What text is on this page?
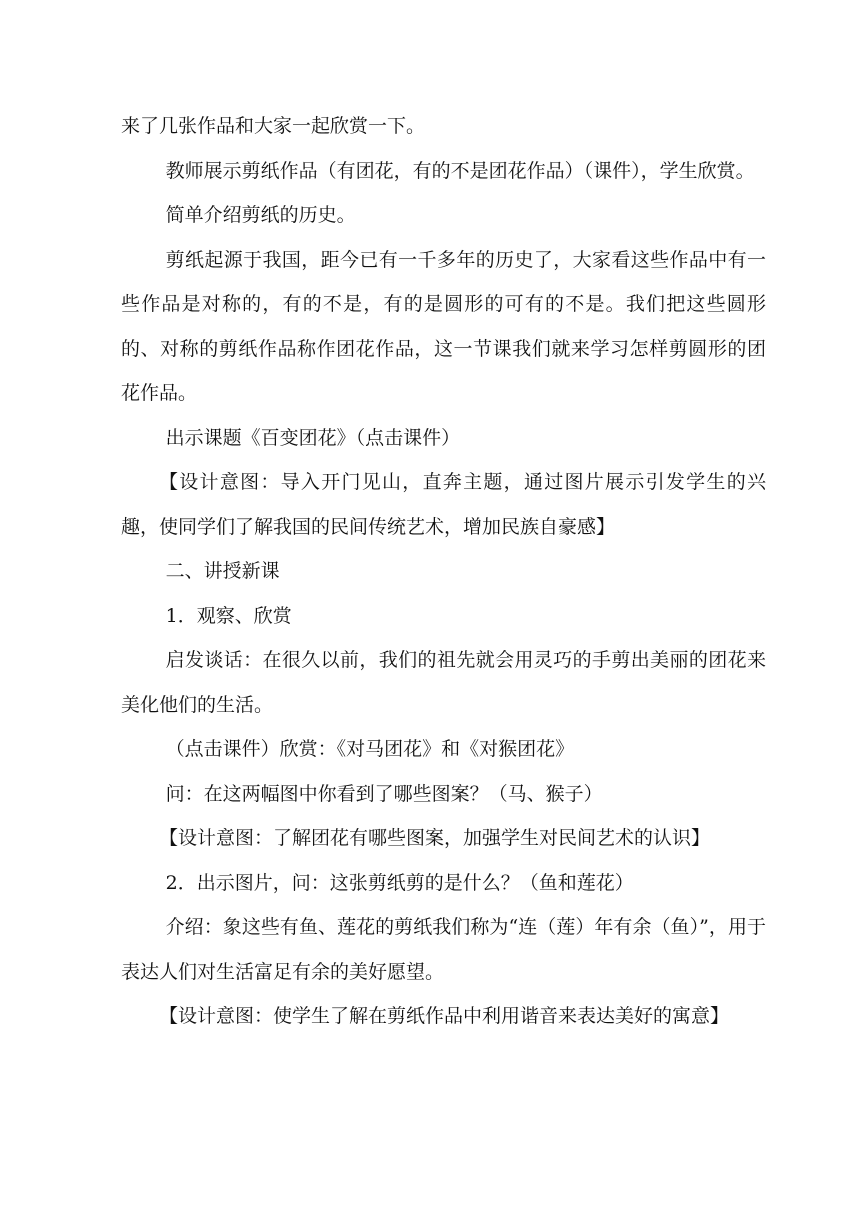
来了几张作品和大家一起欣赏一下。

教师展示剪纸作品（有团花，有的不是团花作品）（课件），学生欣赏。

简单介绍剪纸的历史。

剪纸起源于我国，距今已有一千多年的历史了，大家看这些作品中有一些作品是对称的，有的不是，有的是圆形的可有的不是。我们把这些圆形的、对称的剪纸作品称作团花作品，这一节课我们就来学习怎样剪圆形的团花作品。

出示课题《百变团花》（点击课件）

【设计意图：导入开门见山，直奔主题，通过图片展示引发学生的兴趣，使同学们了解我国的民间传统艺术，增加民族自豪感】

二、讲授新课

1．观察、欣赏

启发谈话：在很久以前，我们的祖先就会用灵巧的手剪出美丽的团花来美化他们的生活。

（点击课件）欣赏：《对马团花》和《对猴团花》

问：在这两幅图中你看到了哪些图案？（马、猴子）

【设计意图：了解团花有哪些图案，加强学生对民间艺术的认识】

2．出示图片，问：这张剪纸剪的是什么？（鱼和莲花）

介绍：象这些有鱼、莲花的剪纸我们称为“连（莲）年有余（鱼）”，用于表达人们对生活富足有余的美好愿望。

【设计意图：使学生了解在剪纸作品中利用谐音来表达美好的寓意】
